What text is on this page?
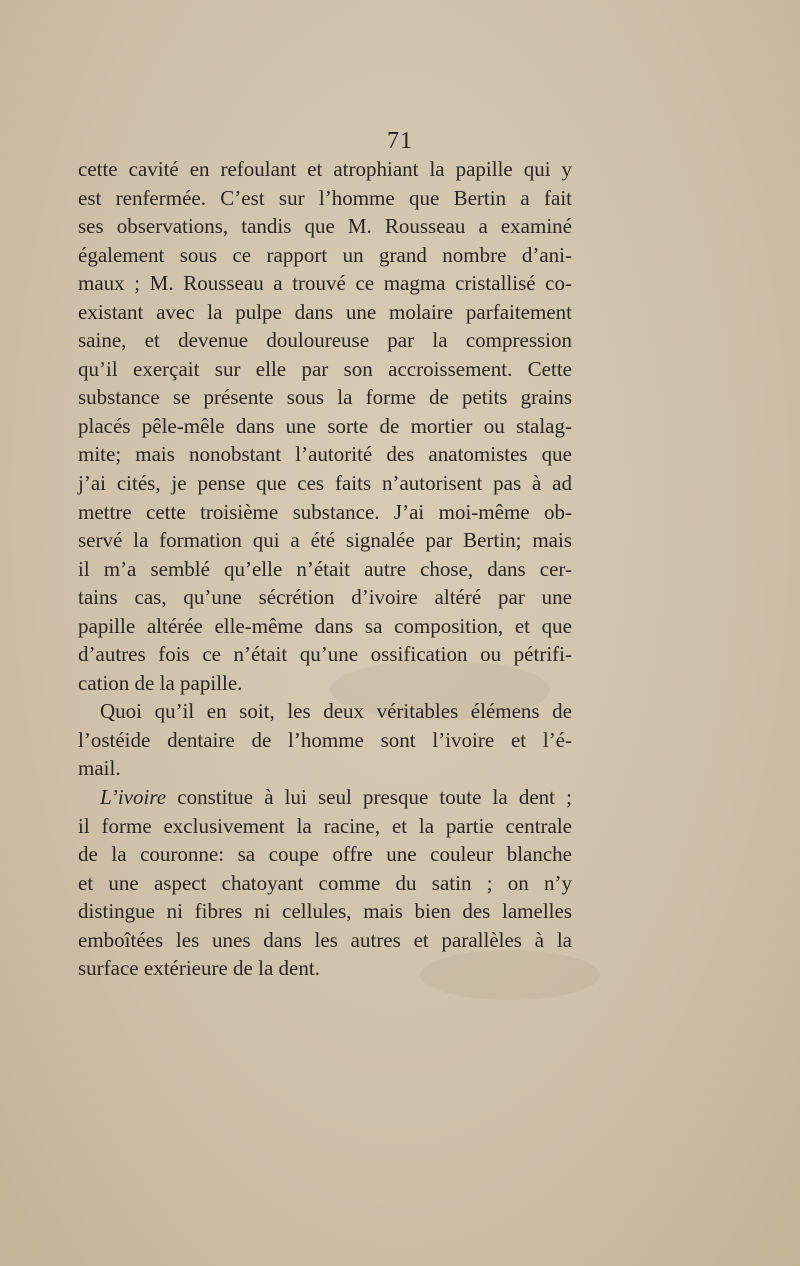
71
cette cavité en refoulant et atrophiant la papille qui y
est renfermée. C’est sur l’homme que Bertin a fait
ses observations, tandis que M. Rousseau a examiné
également sous ce rapport un grand nombre d’ani-
maux ; M. Rousseau a trouvé ce magma cristallisé co-
existant avec la pulpe dans une molaire parfaitement
saine, et devenue douloureuse par la compression
qu’il exerçait sur elle par son accroissement. Cette
substance se présente sous la forme de petits grains
placés pêle-mêle dans une sorte de mortier ou stalag-
mite; mais nonobstant l’autorité des anatomistes que
j’ai cités, je pense que ces faits n’autorisent pas à ad
mettre cette troisième substance. J’ai moi-même ob-
servé la formation qui a été signalée par Bertin; mais
il m’a semblé qu’elle n’était autre chose, dans cer-
tains cas, qu’une sécrétion d’ivoire altéré par une
papille altérée elle-même dans sa composition, et que
d’autres fois ce n’était qu’une ossification ou pétrifi-
cation de la papille.
Quoi qu’il en soit, les deux véritables élémens de
l’ostéide dentaire de l’homme sont l’ivoire et l’é-
mail.
L’ivoire constitue à lui seul presque toute la dent ;
il forme exclusivement la racine, et la partie centrale
de la couronne: sa coupe offre une couleur blanche
et une aspect chatoyant comme du satin ; on n’y
distingue ni fibres ni cellules, mais bien des lamelles
emboîtées les unes dans les autres et parallèles à la
surface extérieure de la dent.
